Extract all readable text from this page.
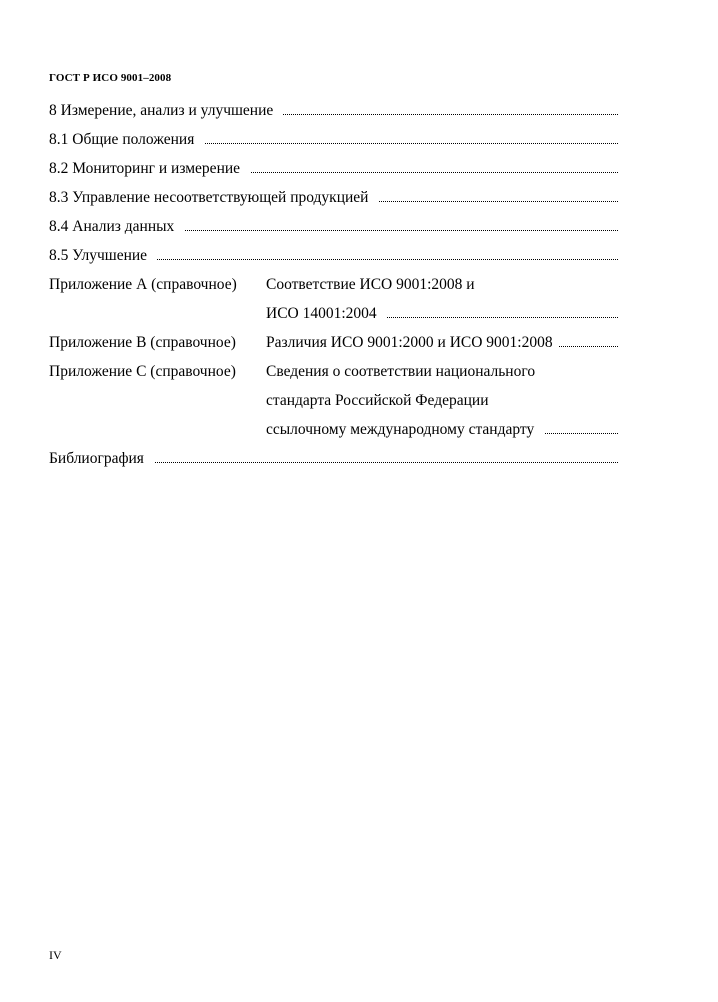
ГОСТ Р ИСО 9001–2008
8 Измерение, анализ и улучшение
8.1 Общие положения
8.2 Мониторинг и измерение
8.3 Управление несоответствующей продукцией
8.4 Анализ данных
8.5 Улучшение
Приложение А (справочное) Соответствие ИСО 9001:2008 и
ИСО 14001:2004
Приложение В (справочное) Различия ИСО 9001:2000 и ИСО 9001:2008
Приложение С (справочное) Сведения о соответствии национального
стандарта Российской Федерации
ссылочному международному стандарту
Библиография
IV
